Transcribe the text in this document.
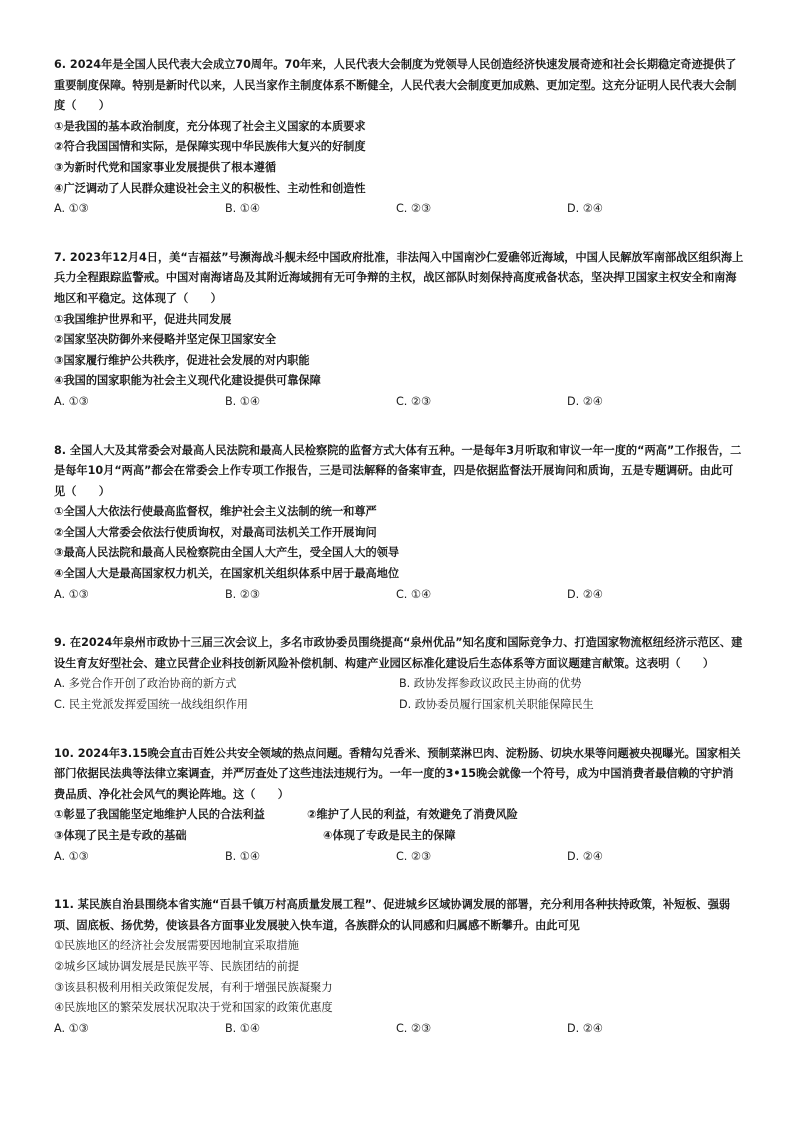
6. 2024年是全国人民代表大会成立70周年。70年来，人民代表大会制度为党领导人民创造经济快速发展奇迹和社会长期稳定奇迹提供了重要制度保障。特别是新时代以来，人民当家作主制度体系不断健全，人民代表大会制度更加成熟、更加定型。这充分证明人民代表大会制度（　　）

①是我国的基本政治制度，充分体现了社会主义国家的本质要求
②符合我国国情和实际，是保障实现中华民族伟大复兴的好制度
③为新时代党和国家事业发展提供了根本遵循
④广泛调动了人民群众建设社会主义的积极性、主动性和创造性
A. ①③	B. ①④	C. ②③	D. ②④

7. 2023年12月4日，美“吉福兹”号濒海战斗舰未经中国政府批准，非法闯入中国南沙仁爱礁邻近海域，中国人民解放军南部战区组织海上兵力全程跟踪监警戒。中国对南海诸岛及其附近海域拥有无可争辩的主权，战区部队时刻保持高度戒备状态，坚决捍卫国家主权安全和南海地区和平稳定。这体现了（　　）

①我国维护世界和平，促进共同发展
②国家坚决防御外来侵略并坚定保卫国家安全
③国家履行维护公共秩序，促进社会发展的对内职能
④我国的国家职能为社会主义现代化建设提供可靠保障
A. ①③	B. ①④	C. ②③	D. ②④

8. 全国人大及其常委会对最高人民法院和最高人民检察院的监督方式大体有五种。一是每年3月听取和审议一年一度的“两高”工作报告，二是每年10月“两高”都会在常委会上作专项工作报告，三是司法解释的备案审查，四是依据监督法开展询问和质询，五是专题调研。由此可见（　　）

①全国人大依法行使最高监督权，维护社会主义法制的统一和尊严
②全国人大常委会依法行使质询权，对最高司法机关工作开展询问
③最高人民法院和最高人民检察院由全国人大产生，受全国人大的领导
④全国人大是最高国家权力机关，在国家机关组织体系中居于最高地位
A. ①③	B. ②③	C. ①④	D. ②④

9. 在2024年泉州市政协十三届三次会议上，多名市政协委员围绕提高“泉州优品”知名度和国际竞争力、打造国家物流枢纽经济示范区、建设生育友好型社会、建立民营企业科技创新风险补偿机制、构建产业园区标准化建设后生态体系等方面议题建言献策。这表明（　　）

A. 多党合作开创了政治协商的新方式	B. 政协发挥参政议政民主协商的优势
C. 民主党派发挥爱国统一战线组织作用	D. 政协委员履行国家机关职能保障民生

10. 2024年3.15晚会直击百姓公共安全领域的热点问题。香精勾兑香米、预制菜淋巴肉、淀粉肠、切块水果等问题被央视曝光。国家相关部门依据民法典等法律立案调查，并严厉查处了这些违法违规行为。一年一度的3•15晚会就像一个符号，成为中国消费者最信赖的守护消费品质、净化社会风气的舆论阵地。这（　　）

①彰显了我国能坚定地维护人民的合法利益	②维护了人民的利益，有效避免了消费风险
③体现了民主是专政的基础	④体现了专政是民主的保障
A. ①③	B. ①④	C. ②③	D. ②④

11. 某民族自治县围绕本省实施“百县千镇万村高质量发展工程”、促进城乡区域协调发展的部署，充分利用各种扶持政策，补短板、强弱项、固底板、扬优势，使该县各方面事业发展驶入快车道，各族群众的认同感和归属感不断攀升。由此可见

①民族地区的经济社会发展需要因地制宜采取措施
②城乡区域协调发展是民族平等、民族团结的前提
③该县积极利用相关政策促发展，有利于增强民族凝聚力
④民族地区的繁荣发展状况取决于党和国家的政策优惠度
A. ①③	B. ①④	C. ②③	D. ②④
